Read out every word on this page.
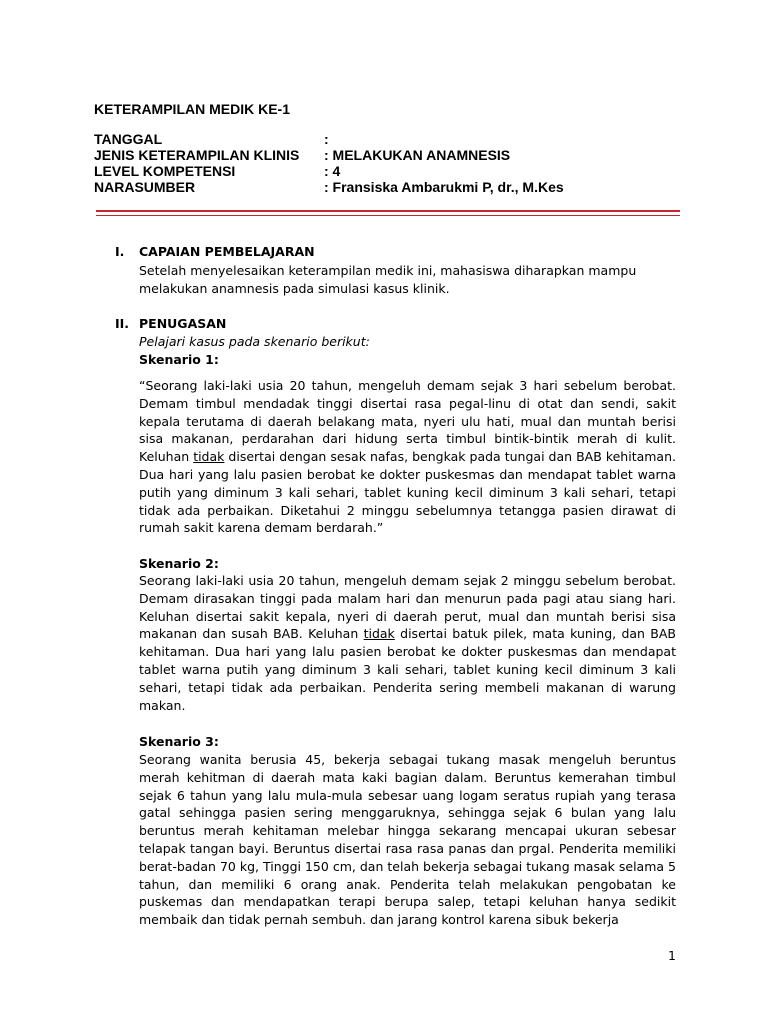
KETERAMPILAN MEDIK KE-1
TANGGAL	:
JENIS KETERAMPILAN KLINIS : MELAKUKAN ANAMNESIS
LEVEL KOMPETENSI	: 4
NARASUMBER	: Fransiska Ambarukmi P, dr., M.Kes
I. CAPAIAN PEMBELAJARAN
Setelah menyelesaikan keterampilan medik ini, mahasiswa diharapkan mampu melakukan anamnesis pada simulasi kasus klinik.
II. PENUGASAN
Pelajari kasus pada skenario berikut:
Skenario 1:
“Seorang laki-laki usia 20 tahun, mengeluh demam sejak 3 hari sebelum berobat. Demam timbul mendadak tinggi disertai rasa pegal-linu di otat dan sendi, sakit kepala terutama di daerah belakang mata, nyeri ulu hati, mual dan muntah berisi sisa makanan, perdarahan dari hidung serta timbul bintik-bintik merah di kulit. Keluhan tidak disertai dengan sesak nafas, bengkak pada tungai dan BAB kehitaman. Dua hari yang lalu pasien berobat ke dokter puskesmas dan mendapat tablet warna putih yang diminum 3 kali sehari, tablet kuning kecil diminum 3 kali sehari, tetapi tidak ada perbaikan. Diketahui 2 minggu sebelumnya tetangga pasien dirawat di rumah sakit karena demam berdarah.”
Skenario 2:
Seorang laki-laki usia 20 tahun, mengeluh demam sejak 2 minggu sebelum berobat. Demam dirasakan tinggi pada malam hari dan menurun pada pagi atau siang hari. Keluhan disertai sakit kepala, nyeri di daerah perut, mual dan muntah berisi sisa makanan dan susah BAB. Keluhan tidak disertai batuk pilek, mata kuning, dan BAB kehitaman. Dua hari yang lalu pasien berobat ke dokter puskesmas dan mendapat tablet warna putih yang diminum 3 kali sehari, tablet kuning kecil diminum 3 kali sehari, tetapi tidak ada perbaikan. Penderita sering membeli makanan di warung makan.
Skenario 3:
Seorang wanita berusia 45, bekerja sebagai tukang masak mengeluh beruntus merah kehitman di daerah mata kaki bagian dalam. Beruntus kemerahan timbul sejak 6 tahun yang lalu mula-mula sebesar uang logam seratus rupiah yang terasa gatal sehingga pasien sering menggaruknya, sehingga sejak 6 bulan yang lalu beruntus merah kehitaman melebar hingga sekarang mencapai ukuran sebesar telapak tangan bayi. Beruntus disertai rasa rasa panas dan prgal. Penderita memiliki berat-badan 70 kg, Tinggi 150 cm, dan telah bekerja sebagai tukang masak selama 5 tahun, dan memiliki 6 orang anak. Penderita telah melakukan pengobatan ke puskemas dan mendapatkan terapi berupa salep, tetapi keluhan hanya sedikit membaik dan tidak pernah sembuh. dan jarang kontrol karena sibuk bekerja
1
